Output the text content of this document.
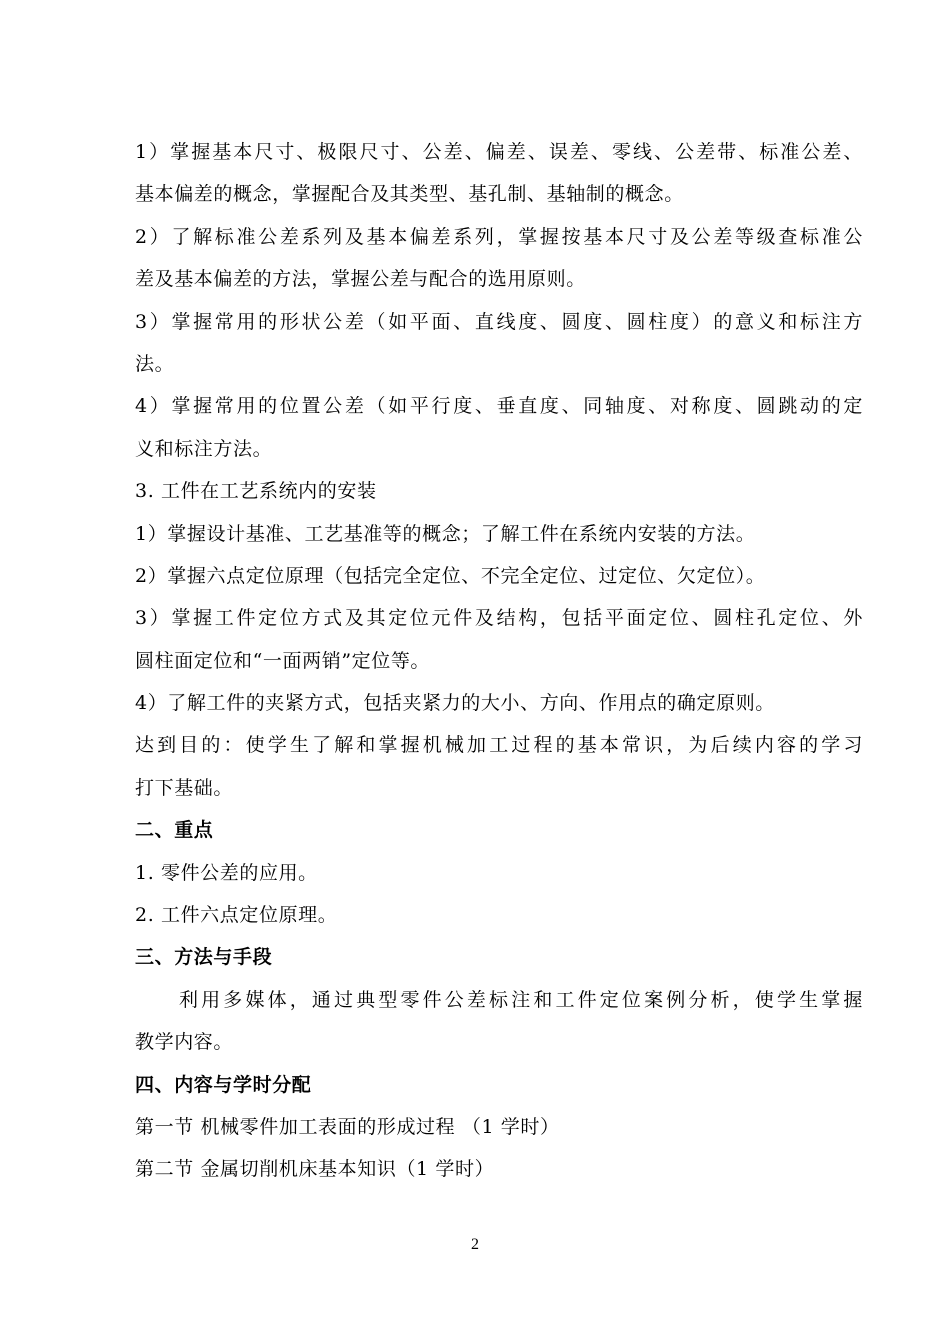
1）掌握基本尺寸、极限尺寸、公差、偏差、误差、零线、公差带、标准公差、
基本偏差的概念，掌握配合及其类型、基孔制、基轴制的概念。
2）了解标准公差系列及基本偏差系列，掌握按基本尺寸及公差等级查标准公
差及基本偏差的方法，掌握公差与配合的选用原则。
3）掌握常用的形状公差（如平面、直线度、圆度、圆柱度）的意义和标注方
法。
4）掌握常用的位置公差（如平行度、垂直度、同轴度、对称度、圆跳动的定
义和标注方法。
3. 工件在工艺系统内的安装
1）掌握设计基准、工艺基准等的概念；了解工件在系统内安装的方法。
2）掌握六点定位原理（包括完全定位、不完全定位、过定位、欠定位）。
3）掌握工件定位方式及其定位元件及结构，包括平面定位、圆柱孔定位、外
圆柱面定位和“一面两销”定位等。
4）了解工件的夹紧方式，包括夹紧力的大小、方向、作用点的确定原则。
达到目的：使学生了解和掌握机械加工过程的基本常识，为后续内容的学习
打下基础。
二、重点
1. 零件公差的应用。
2. 工件六点定位原理。
三、方法与手段
利用多媒体，通过典型零件公差标注和工件定位案例分析，使学生掌握
教学内容。
四、内容与学时分配
第一节 机械零件加工表面的形成过程 （1 学时）
第二节 金属切削机床基本知识（1 学时）
2
